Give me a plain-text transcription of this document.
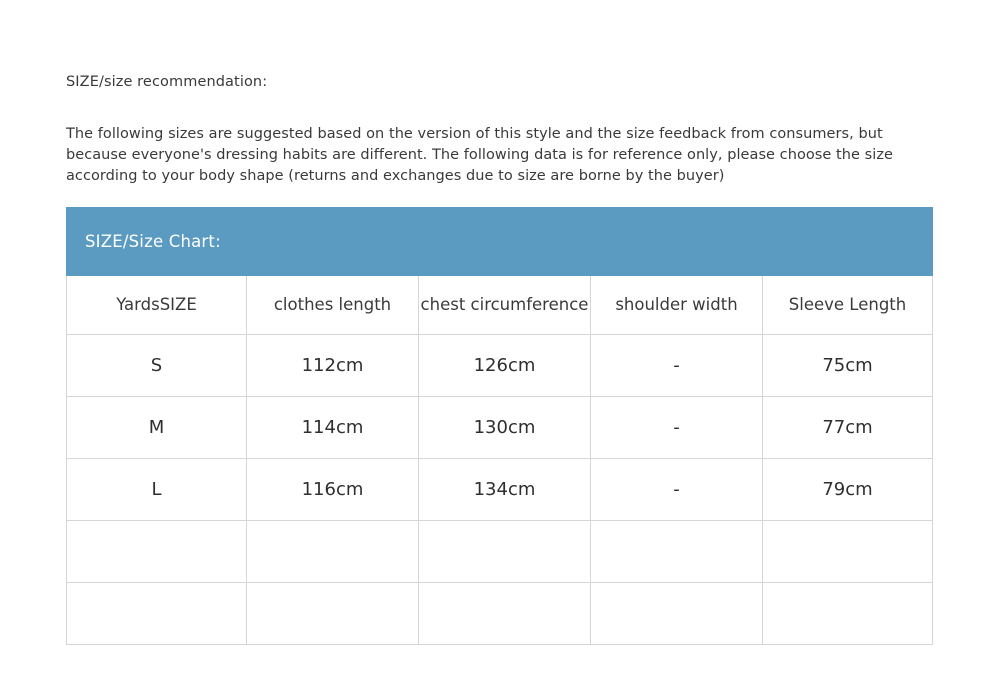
SIZE/size recommendation:
The following sizes are suggested based on the version of this style and the size feedback from consumers, but because everyone's dressing habits are different. The following data is for reference only, please choose the size according to your body shape (returns and exchanges due to size are borne by the buyer)
SIZE/Size Chart:				
YardsSIZE	clothes length	chest circumference	shoulder width	Sleeve Length
S	112cm	126cm	-	75cm
M	114cm	130cm	-	77cm
L	116cm	134cm	-	79cm
